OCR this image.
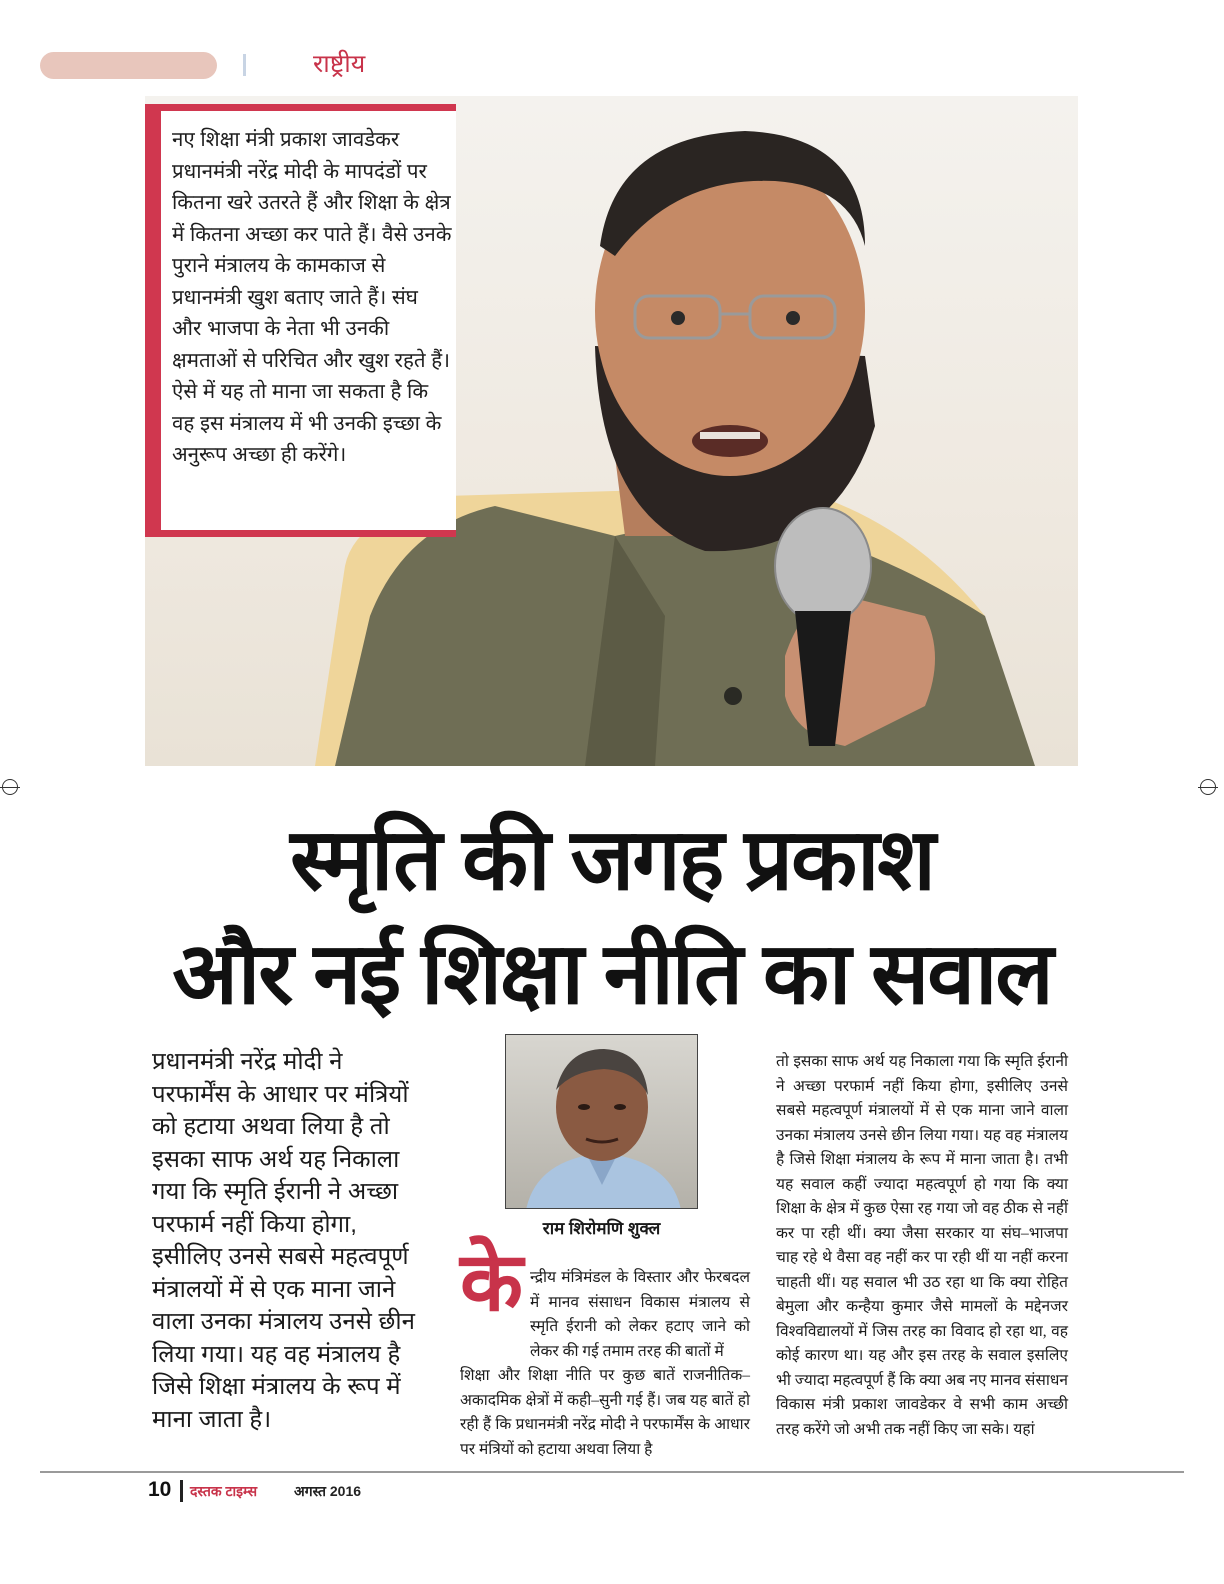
राष्ट्रीय
नए शिक्षा मंत्री प्रकाश जावडेकर प्रधानमंत्री नरेंद्र मोदी के मापदंडों पर कितना खरे उतरते हैं और शिक्षा के क्षेत्र में कितना अच्छा कर पाते हैं। वैसे उनके पुराने मंत्रालय के कामकाज से प्रधानमंत्री खुश बताए जाते हैं। संघ और भाजपा के नेता भी उनकी क्षमताओं से परिचित और खुश रहते हैं। ऐसे में यह तो माना जा सकता है कि वह इस मंत्रालय में भी उनकी इच्छा के अनुरूप अच्छा ही करेंगे।
स्मृति की जगह प्रकाश
और नई शिक्षा नीति का सवाल
प्रधानमंत्री नरेंद्र मोदी ने परफार्मेंस के आधार पर मंत्रियों को हटाया अथवा लिया है तो इसका साफ अर्थ यह निकाला गया कि स्मृति ईरानी ने अच्छा परफार्म नहीं किया होगा, इसीलिए उनसे सबसे महत्वपूर्ण मंत्रालयों में से एक माना जाने वाला उनका मंत्रालय उनसे छीन लिया गया। यह वह मंत्रालय है जिसे शिक्षा मंत्रालय के रूप में माना जाता है।
राम शिरोमणि शुक्ल
के न्द्रीय मंत्रिमंडल के विस्तार और फेरबदल में मानव संसाधन विकास मंत्रालय से स्मृति ईरानी को लेकर हटाए जाने को लेकर की गई तमाम तरह की बातों में
शिक्षा और शिक्षा नीति पर कुछ बातें राजनीतिक–अकादमिक क्षेत्रों में कही–सुनी गई हैं। जब यह बातें हो रही हैं कि प्रधानमंत्री नरेंद्र मोदी ने परफार्मेंस के आधार पर मंत्रियों को हटाया अथवा लिया है
तो इसका साफ अर्थ यह निकाला गया कि स्मृति ईरानी ने अच्छा परफार्म नहीं किया होगा, इसीलिए उनसे सबसे महत्वपूर्ण मंत्रालयों में से एक माना जाने वाला उनका मंत्रालय उनसे छीन लिया गया। यह वह मंत्रालय है जिसे शिक्षा मंत्रालय के रूप में माना जाता है। तभी यह सवाल कहीं ज्यादा महत्वपूर्ण हो गया कि क्या शिक्षा के क्षेत्र में कुछ ऐसा रह गया जो वह ठीक से नहीं कर पा रही थीं। क्या जैसा सरकार या संघ–भाजपा चाह रहे थे वैसा वह नहीं कर पा रही थीं या नहीं करना चाहती थीं। यह सवाल भी उठ रहा था कि क्या रोहित बेमुला और कन्हैया कुमार जैसे मामलों के मद्देनजर विश्वविद्यालयों में जिस तरह का विवाद हो रहा था, वह कोई कारण था। यह और इस तरह के सवाल इसलिए भी ज्यादा महत्वपूर्ण हैं कि क्या अब नए मानव संसाधन विकास मंत्री प्रकाश जावडेकर वे सभी काम अच्छी तरह करेंगे जो अभी तक नहीं किए जा सके। यहां
10 दस्तक टाइम्स	अगस्त 2016
